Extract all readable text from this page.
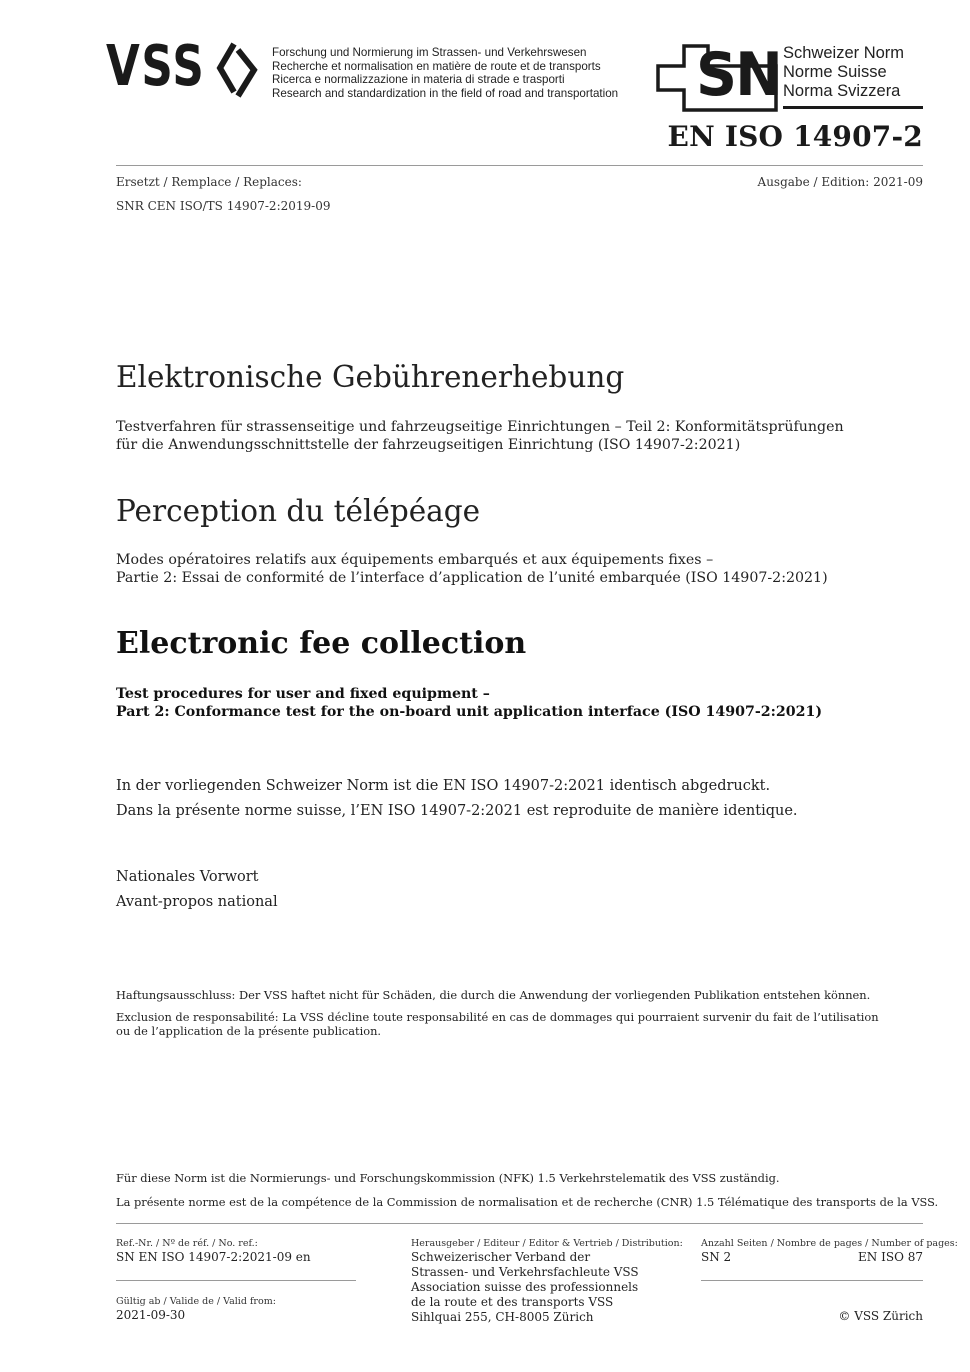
VSS	Forschung und Normierung im Strassen- und Verkehrswesen
Recherche et normalisation en matière de route et de transports
Ricerca e normalizzazione in materia di strade e trasporti
Research and standardization in the field of road and transportation SN Schweizer Norm
Norme Suisse
Norma Svizzera
EN ISO 14907-2
Ersetzt / Remplace / Replaces:
SNR CEN ISO/TS 14907-2:2019-09
Ausgabe / Edition: 2021-09
Elektronische Gebührenerhebung
Testverfahren für strassenseitige und fahrzeugseitige Einrichtungen – Teil 2: Konformitätsprüfungen
für die Anwendungsschnittstelle der fahrzeugseitigen Einrichtung (ISO 14907-2:2021)
Perception du télépéage
Modes opératoires relatifs aux équipements embarqués et aux équipements fixes –
Partie 2: Essai de conformité de l’interface d’application de l’unité embarquée (ISO 14907-2:2021)
Electronic fee collection
Test procedures for user and fixed equipment –
Part 2: Conformance test for the on-board unit application interface (ISO 14907-2:2021)
In der vorliegenden Schweizer Norm ist die EN ISO 14907-2:2021 identisch abgedruckt.
Dans la présente norme suisse, l’EN ISO 14907-2:2021 est reproduite de manière identique.
Nationales Vorwort
Avant-propos national
Haftungsausschluss: Der VSS haftet nicht für Schäden, die durch die Anwendung der vorliegenden Publikation entstehen können.
Exclusion de responsabilité: La VSS décline toute responsabilité en cas de dommages qui pourraient survenir du fait de l’utilisation
ou de l’application de la présente publication.
Für diese Norm ist die Normierungs- und Forschungskommission (NFK) 1.5 Verkehrstelematik des VSS zuständig.
La présente norme est de la compétence de la Commission de normalisation et de recherche (CNR) 1.5 Télématique des transports de la VSS.
Ref.-Nr. / Nº de réf. / No. ref.:
SN EN ISO 14907-2:2021-09 en
Gültig ab / Valide de / Valid from:
2021-09-30
Herausgeber / Editeur / Editor & Vertrieb / Distribution:
Schweizerischer Verband der
Strassen- und Verkehrsfachleute VSS
Association suisse des professionnels
de la route et des transports VSS
Sihlquai 255, CH-8005 Zürich
Anzahl Seiten / Nombre de pages / Number of pages:
SN 2	EN ISO 87
© VSS Zürich
